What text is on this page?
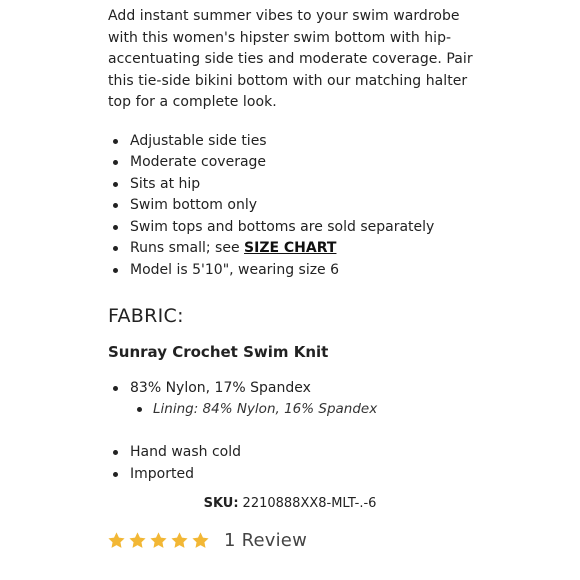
Add instant summer vibes to your swim wardrobe with this women's hipster swim bottom with hip-accentuating side ties and moderate coverage. Pair this tie-side bikini bottom with our matching halter top for a complete look.

Adjustable side ties
Moderate coverage
Sits at hip
Swim bottom only
Swim tops and bottoms are sold separately
Runs small; see SIZE CHART
Model is 5'10", wearing size 6
FABRIC:
Sunray Crochet Swim Knit
83% Nylon, 17% Spandex
Lining: 84% Nylon, 16% Spandex
Hand wash cold
Imported
SKU: 2210888XX8-MLT-.-6
1 Review
